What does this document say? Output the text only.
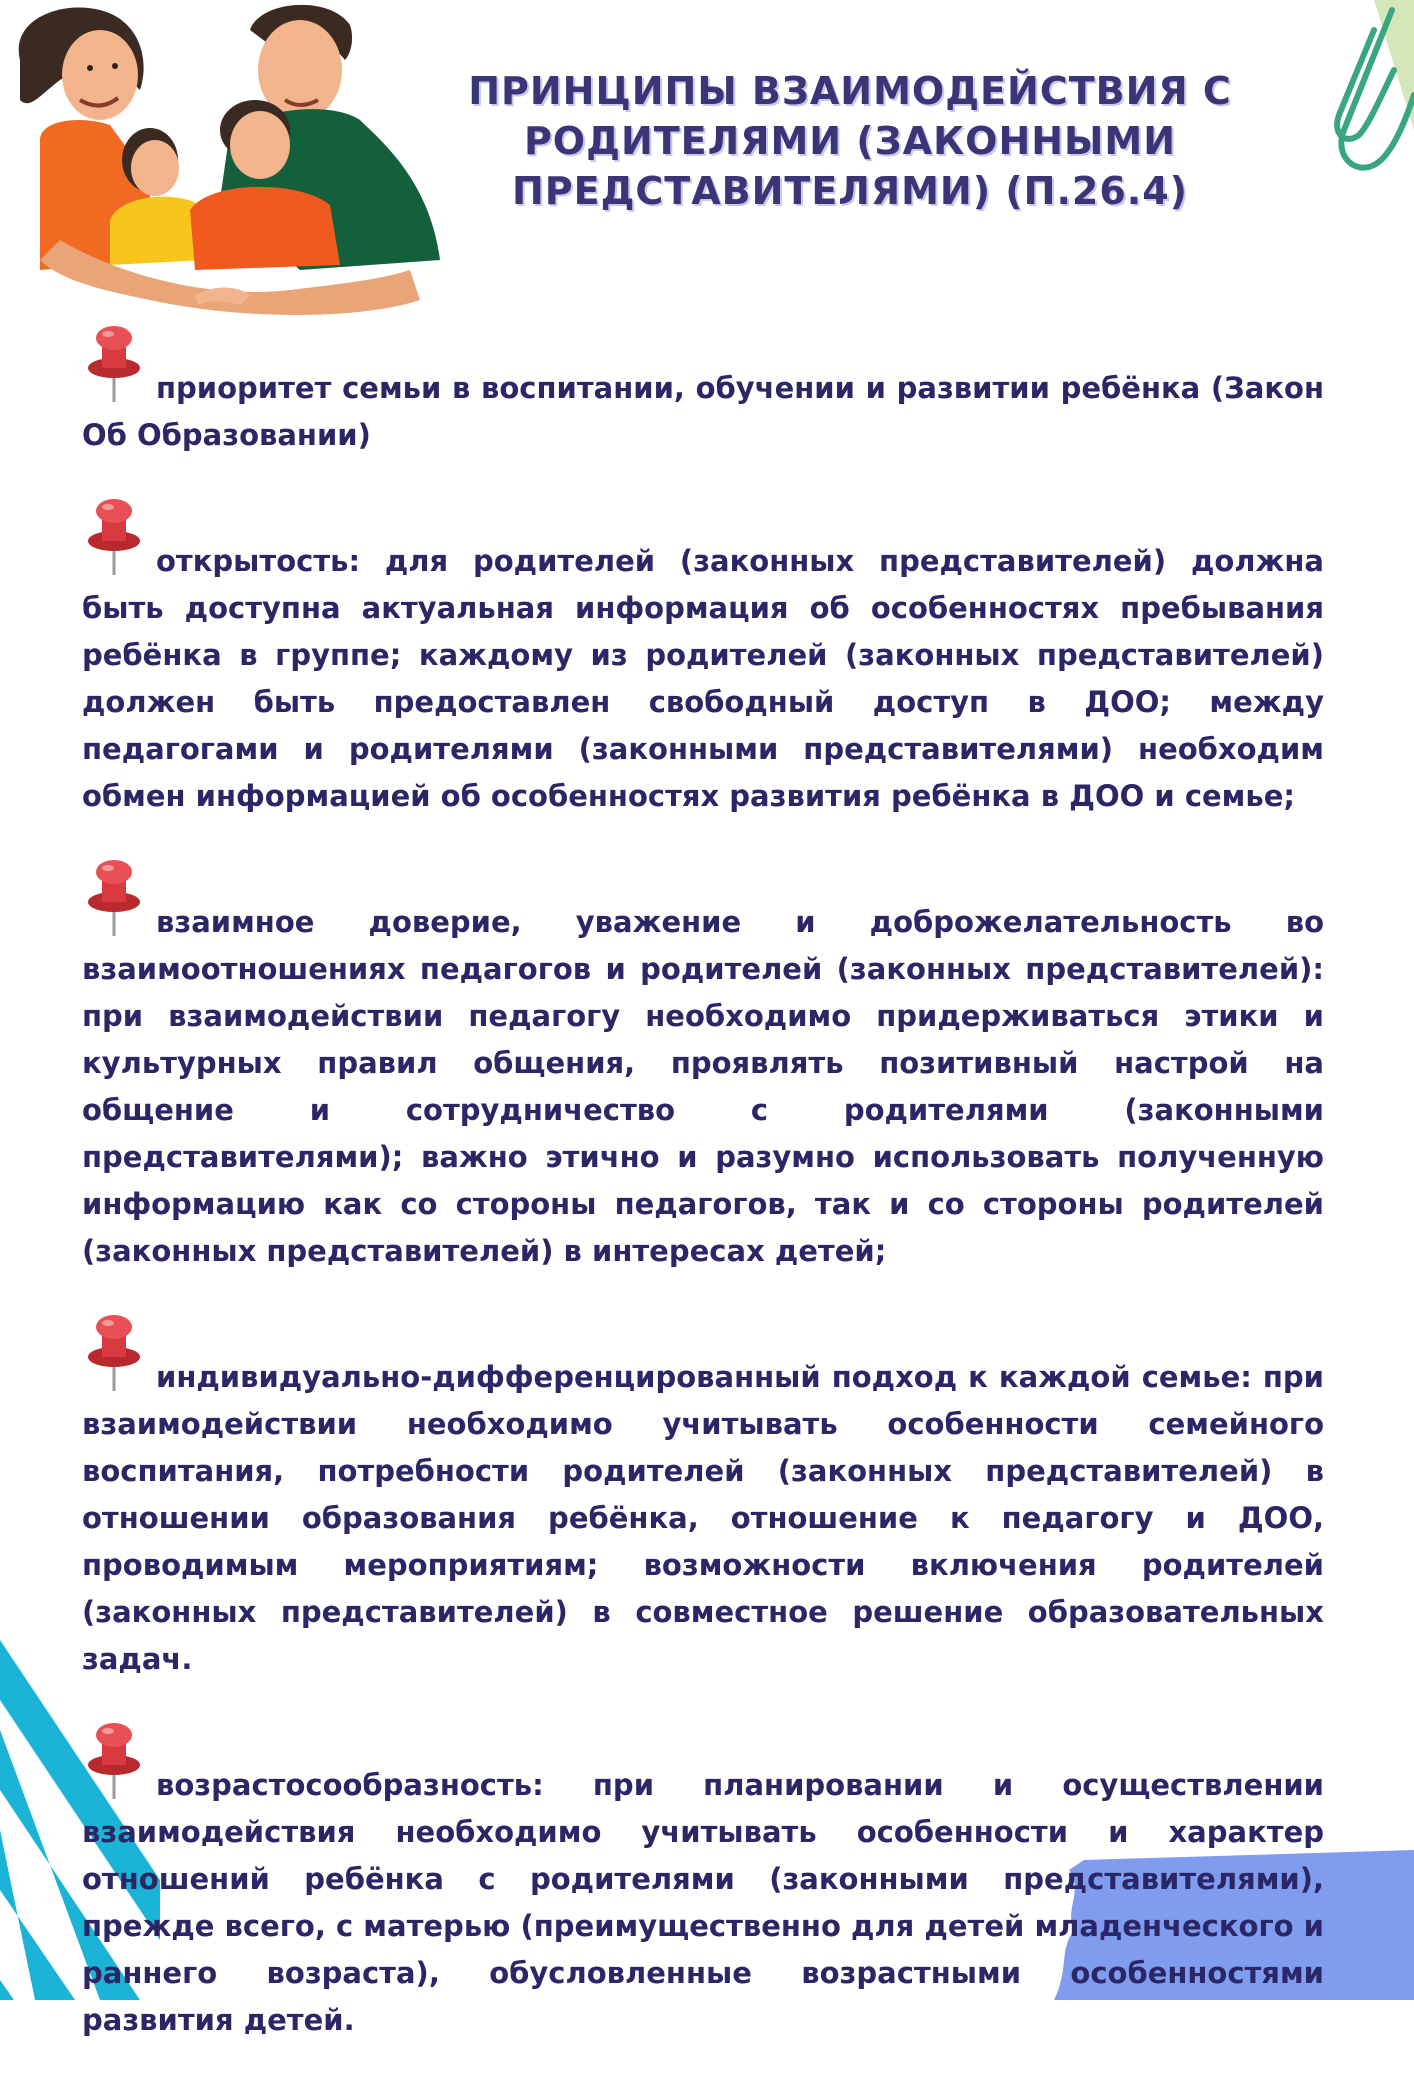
ПРИНЦИПЫ ВЗАИМОДЕЙСТВИЯ С
РОДИТЕЛЯМИ (ЗАКОННЫМИ
ПРЕДСТАВИТЕЛЯМИ) (П.26.4)

приоритет семьи в воспитании, обучении и развитии ребёнка (Закон Об Образовании)

открытость: для родителей (законных представителей) должна быть доступна актуальная информация об особенностях пребывания ребёнка в группе; каждому из родителей (законных представителей) должен быть предоставлен свободный доступ в ДОО; между педагогами и родителями (законными представителями) необходим обмен информацией об особенностях развития ребёнка в ДОО и семье;

взаимное доверие, уважение и доброжелательность во взаимоотношениях педагогов и родителей (законных представителей): при взаимодействии педагогу необходимо придерживаться этики и культурных правил общения, проявлять позитивный настрой на общение и сотрудничество с родителями (законными представителями); важно этично и разумно использовать полученную информацию как со стороны педагогов, так и со стороны родителей (законных представителей) в интересах детей;

индивидуально-дифференцированный подход к каждой семье: при взаимодействии необходимо учитывать особенности семейного воспитания, потребности родителей (законных представителей) в отношении образования ребёнка, отношение к педагогу и ДОО, проводимым мероприятиям; возможности включения родителей (законных представителей) в совместное решение образовательных задач.

возрастосообразность: при планировании и осуществлении взаимодействия необходимо учитывать особенности и характер отношений ребёнка с родителями (законными представителями), прежде всего, с матерью (преимущественно для детей младенческого и раннего возраста), обусловленные возрастными особенностями развития детей.
